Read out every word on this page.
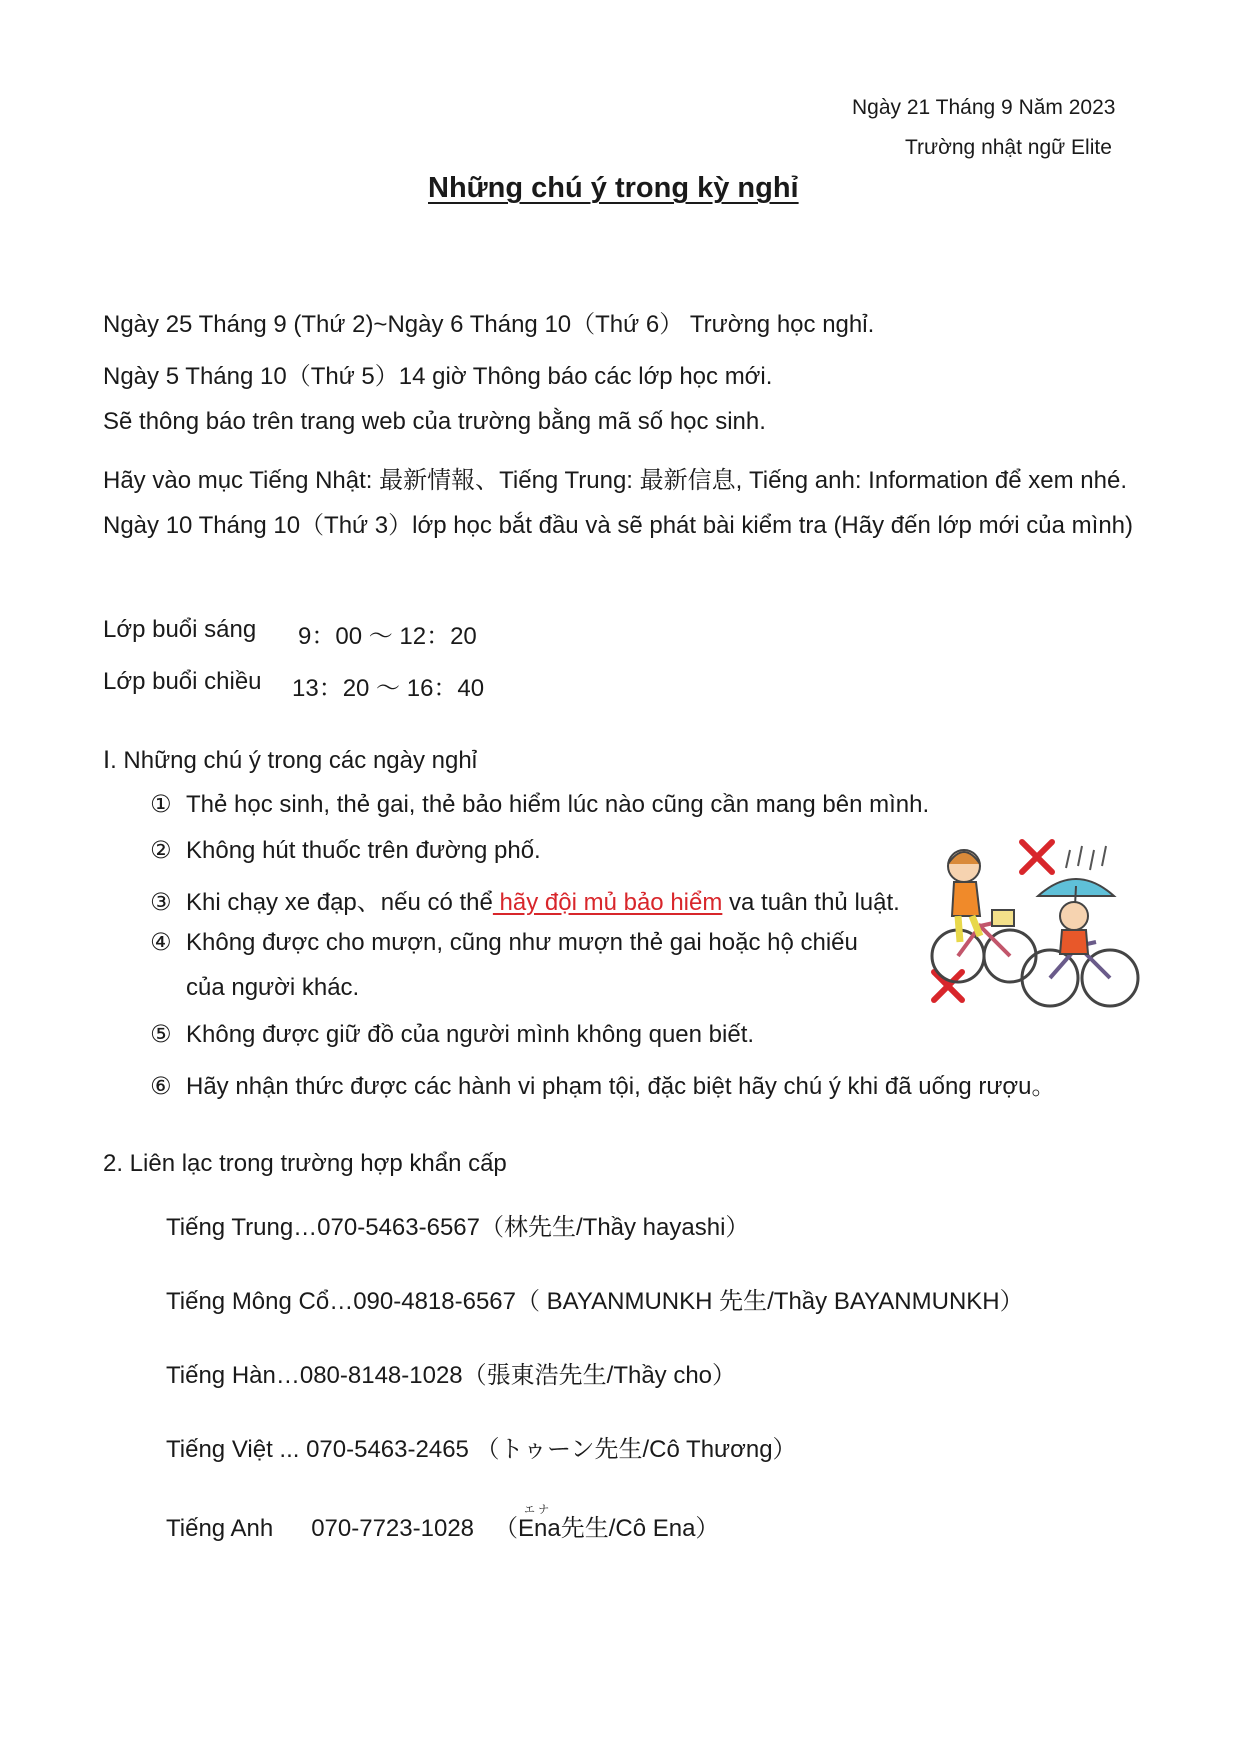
Ngày 21 Tháng 9 Năm 2023
Trường nhật ngữ Elite
Những chú ý trong kỳ nghỉ
Ngày 25 Tháng 9 (Thứ 2)~Ngày 6 Tháng 10（Thứ 6） Trường học nghỉ.
Ngày 5 Tháng 10（Thứ 5）14 giờ Thông báo các lớp học mới.
Sẽ thông báo trên trang web của trường bằng mã số học sinh.
Hãy vào mục Tiếng Nhật: 最新情報、Tiếng Trung: 最新信息, Tiếng anh: Information để xem nhé.
Ngày 10 Tháng 10（Thứ 3）lớp học bắt đầu và sẽ phát bài kiểm tra (Hãy đến lớp mới của mình)
Lớp buổi sáng 9：00 ～ 12：20
Lớp buổi chiều 13：20 ～ 16：40
Ⅰ. Những chú ý trong các ngày nghỉ
① Thẻ học sinh, thẻ gai, thẻ bảo hiểm lúc nào cũng cần mang bên mình.
② Không hút thuốc trên đường phố.
③ Khi chạy xe đạp、nếu có thể hãy đội mủ bảo hiểm va tuân thủ luật.
④ Không được cho mượn, cũng như mượn thẻ gai hoặc hộ chiếu
của người khác.
⑤ Không được giữ đồ của người mình không quen biết.
⑥ Hãy nhận thức được các hành vi phạm tội, đặc biệt hãy chú ý khi đã uống rượu。
2. Liên lạc trong trường hợp khẩn cấp
Tiếng Trung…070-5463-6567（林先生/Thầy hayashi）
Tiếng Mông Cổ…090-4818-6567（ BAYANMUNKH 先生/Thầy BAYANMUNKH）
Tiếng Hàn…080-8148-1028（張東浩先生/Thầy cho）
Tiếng Việt ... 070-5463-2465 （トゥーン先生/Cô Thương）
Tiếng Anh 070-7723-1028 （
エ ナ
Ena先生/Cô Ena）
